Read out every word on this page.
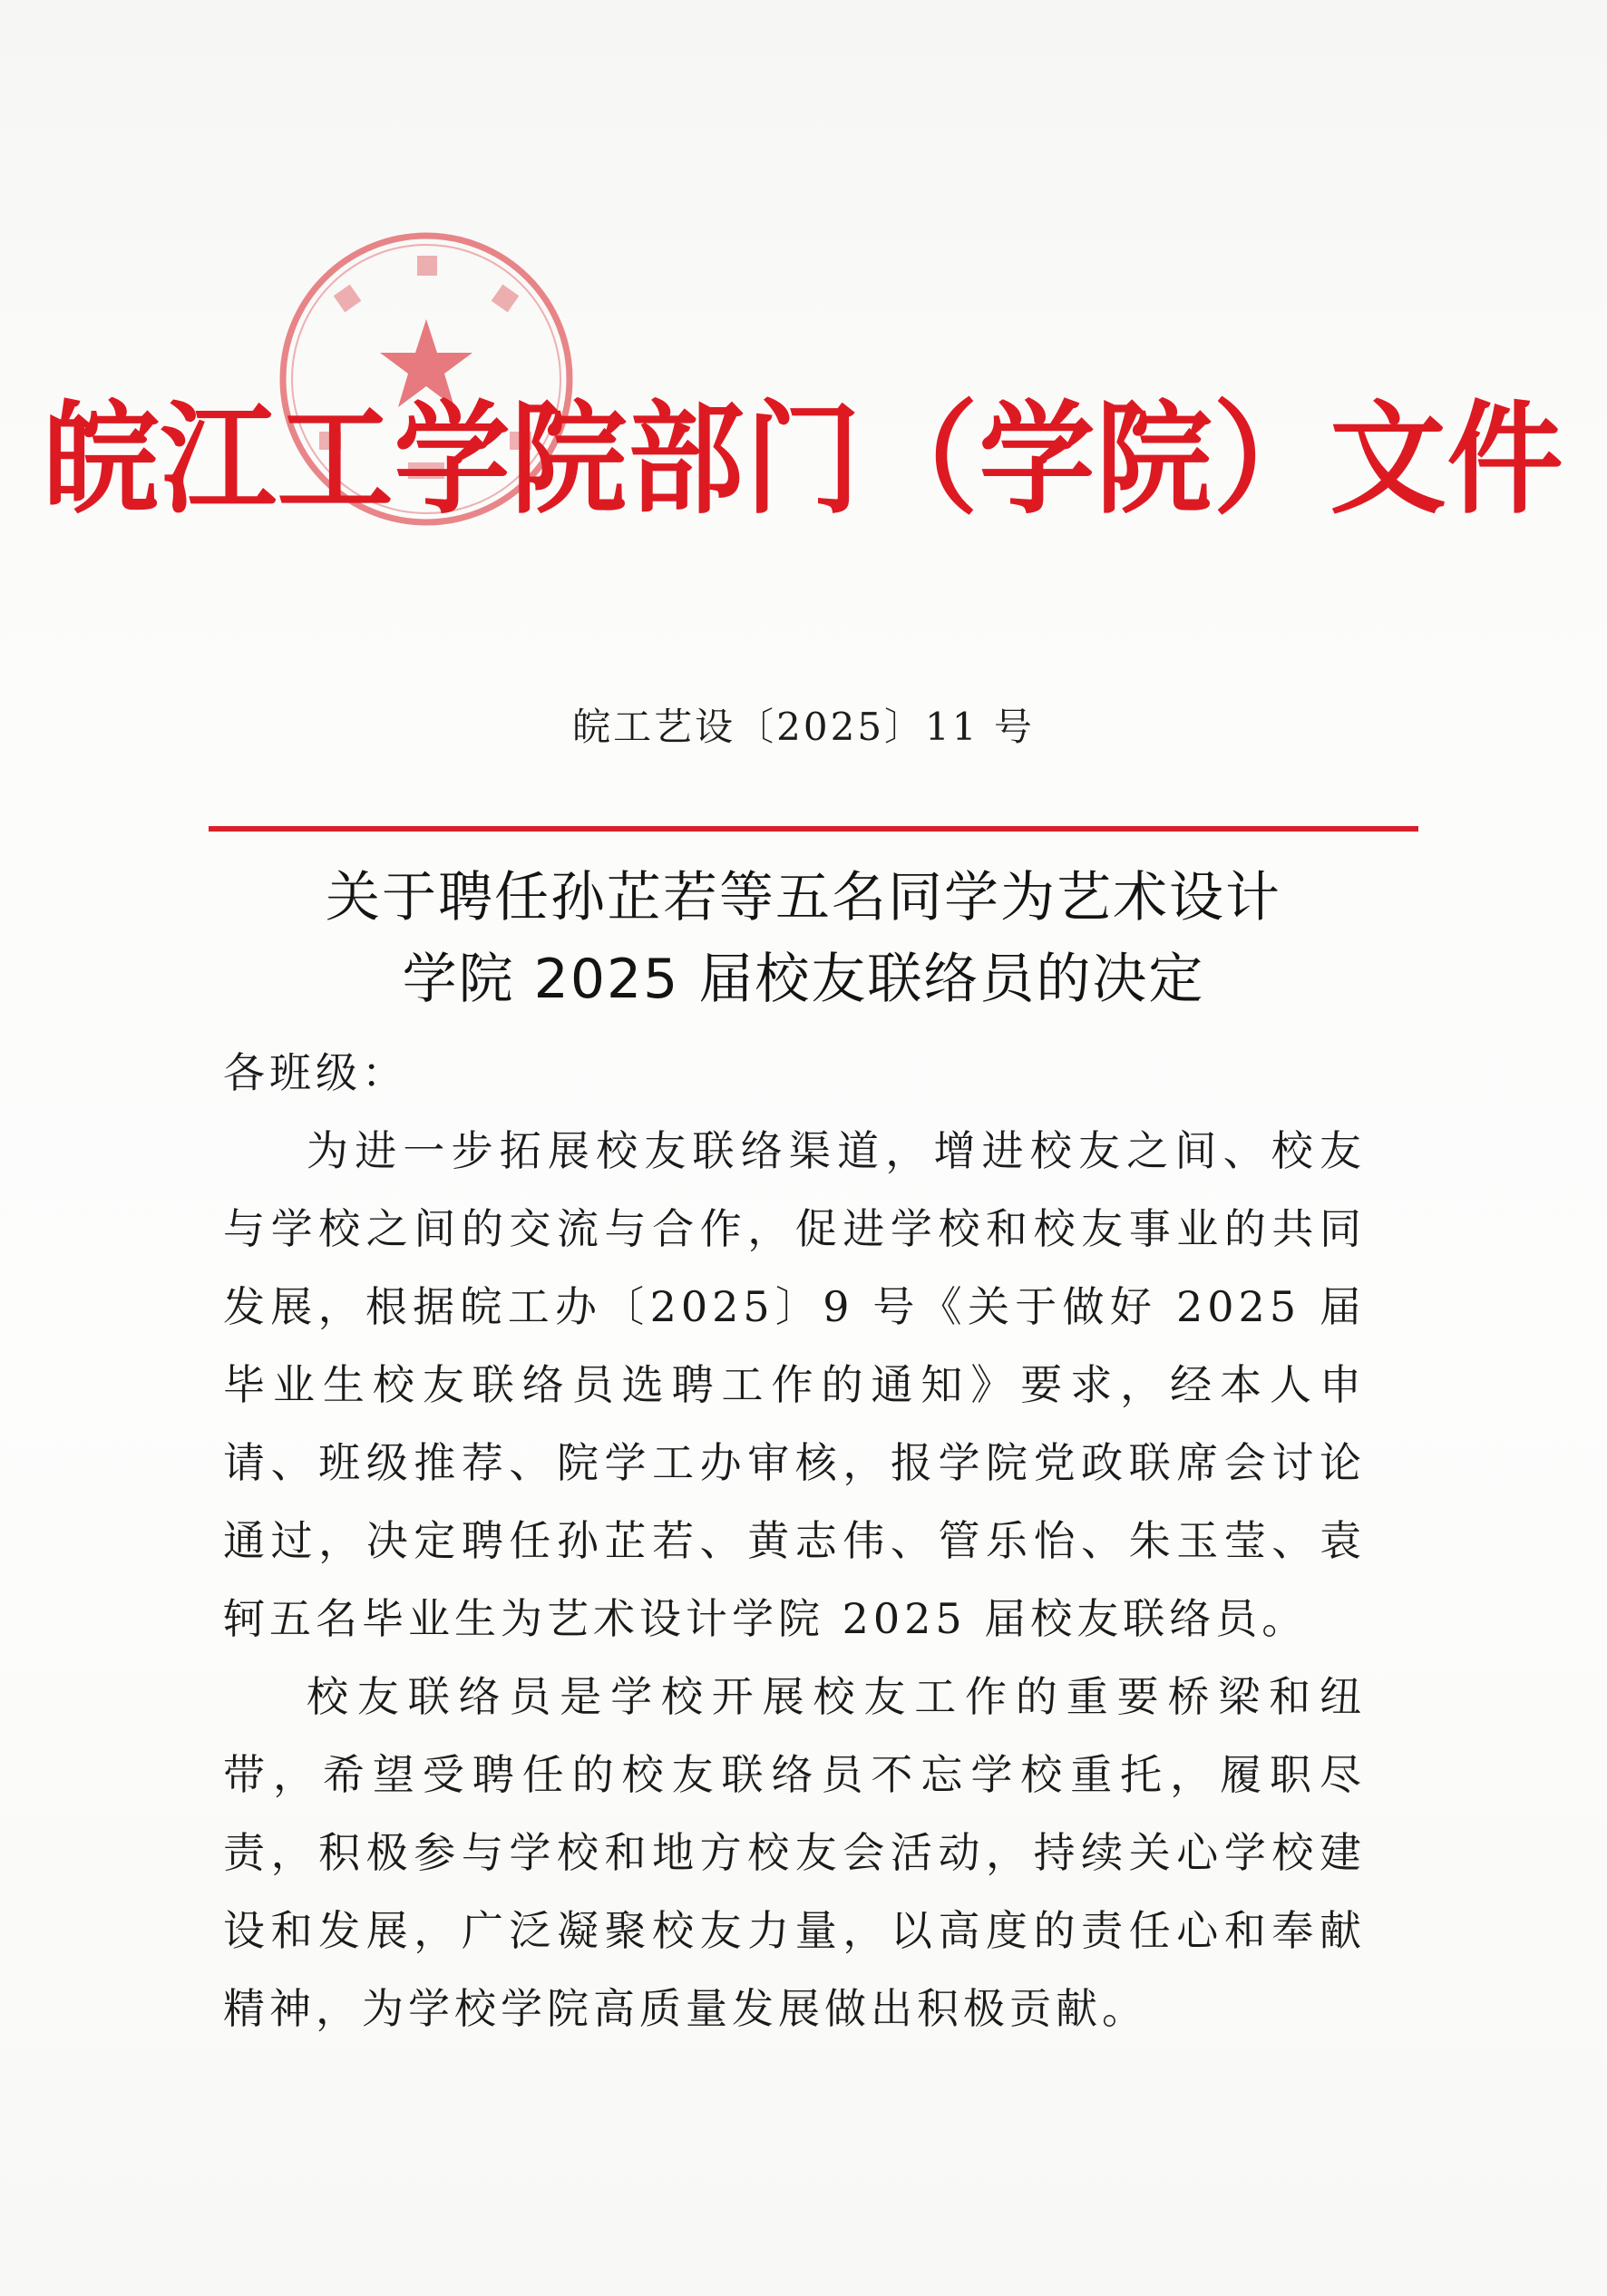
皖江工学院部门（学院）文件
皖工艺设〔2025〕11 号
关于聘任孙芷若等五名同学为艺术设计
学院 2025 届校友联络员的决定

各班级：

为进一步拓展校友联络渠道，增进校友之间、校友与学校之间的交流与合作，促进学校和校友事业的共同发展，根据皖工办〔2025〕9 号《关于做好 2025 届毕业生校友联络员选聘工作的通知》要求，经本人申请、班级推荐、院学工办审核，报学院党政联席会讨论通过，决定聘任孙芷若、黄志伟、管乐怡、朱玉莹、袁轲五名毕业生为艺术设计学院 2025 届校友联络员。

校友联络员是学校开展校友工作的重要桥梁和纽带，希望受聘任的校友联络员不忘学校重托，履职尽责，积极参与学校和地方校友会活动，持续关心学校建设和发展，广泛凝聚校友力量，以高度的责任心和奉献精神，为学校学院高质量发展做出积极贡献。
